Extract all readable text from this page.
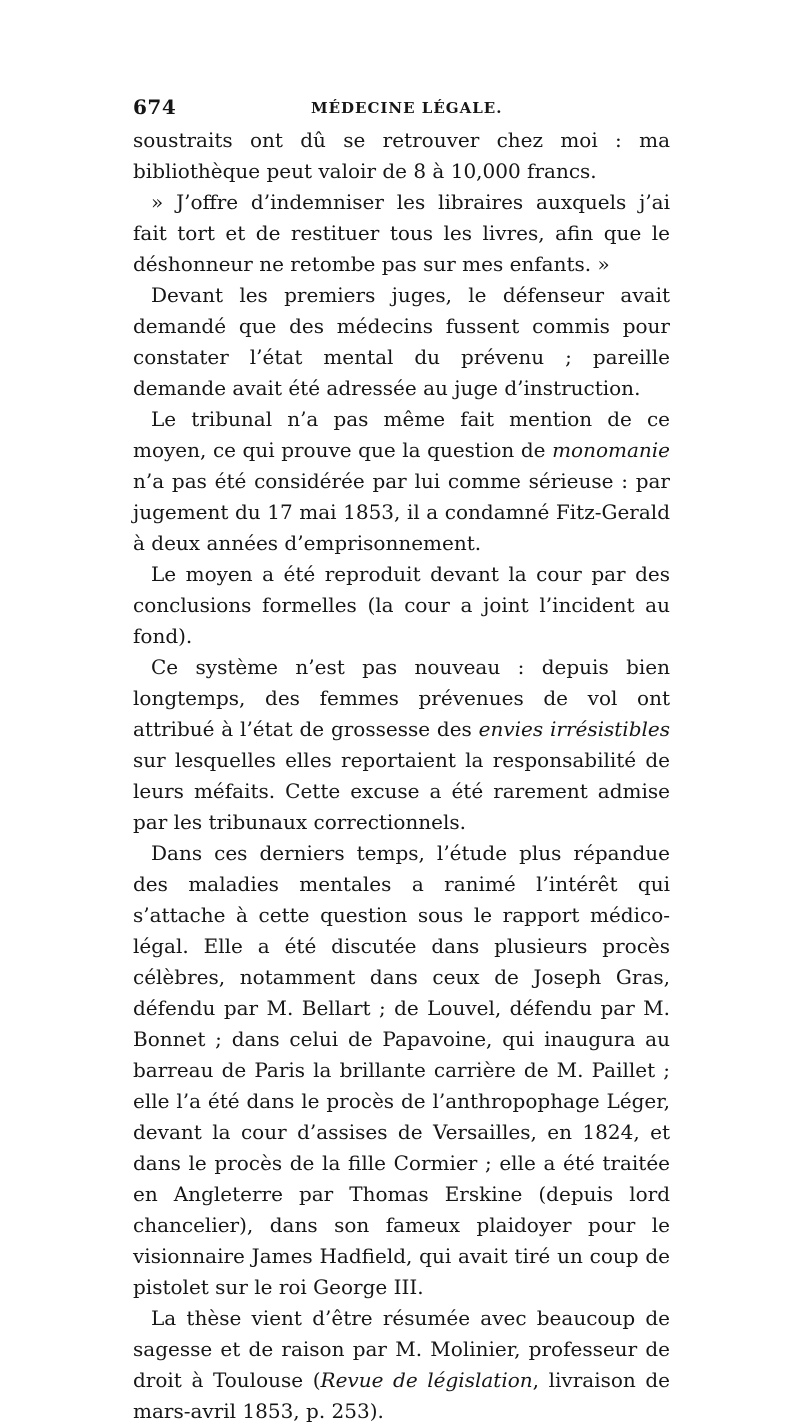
674	MÉDECINE LÉGALE.

soustraits ont dû se retrouver chez moi : ma bibliothèque peut valoir de 8 à 10,000 francs.

» J’offre d’indemniser les libraires auxquels j’ai fait tort et de restituer tous les livres, afin que le déshonneur ne retombe pas sur mes enfants. »

Devant les premiers juges, le défenseur avait demandé que des médecins fussent commis pour constater l’état mental du prévenu ; pareille demande avait été adressée au juge d’instruction.

Le tribunal n’a pas même fait mention de ce moyen, ce qui prouve que la question de monomanie n’a pas été considérée par lui comme sérieuse : par jugement du 17 mai 1853, il a condamné Fitz-Gerald à deux années d’emprisonnement.

Le moyen a été reproduit devant la cour par des conclusions formelles (la cour a joint l’incident au fond).

Ce système n’est pas nouveau : depuis bien longtemps, des femmes prévenues de vol ont attribué à l’état de grossesse des envies irrésistibles sur lesquelles elles reportaient la responsabilité de leurs méfaits. Cette excuse a été rarement admise par les tribunaux correctionnels.

Dans ces derniers temps, l’étude plus répandue des maladies mentales a ranimé l’intérêt qui s’attache à cette question sous le rapport médico-légal. Elle a été discutée dans plusieurs procès célèbres, notamment dans ceux de Joseph Gras, défendu par M. Bellart ; de Louvel, défendu par M. Bonnet ; dans celui de Papavoine, qui inaugura au barreau de Paris la brillante carrière de M. Paillet ; elle l’a été dans le procès de l’anthropophage Léger, devant la cour d’assises de Versailles, en 1824, et dans le procès de la fille Cormier ; elle a été traitée en Angleterre par Thomas Erskine (depuis lord chancelier), dans son fameux plaidoyer pour le visionnaire James Hadfield, qui avait tiré un coup de pistolet sur le roi George III.

La thèse vient d’être résumée avec beaucoup de sagesse et de raison par M. Molinier, professeur de droit à Toulouse (Revue de législation, livraison de mars-avril 1853, p. 253).
